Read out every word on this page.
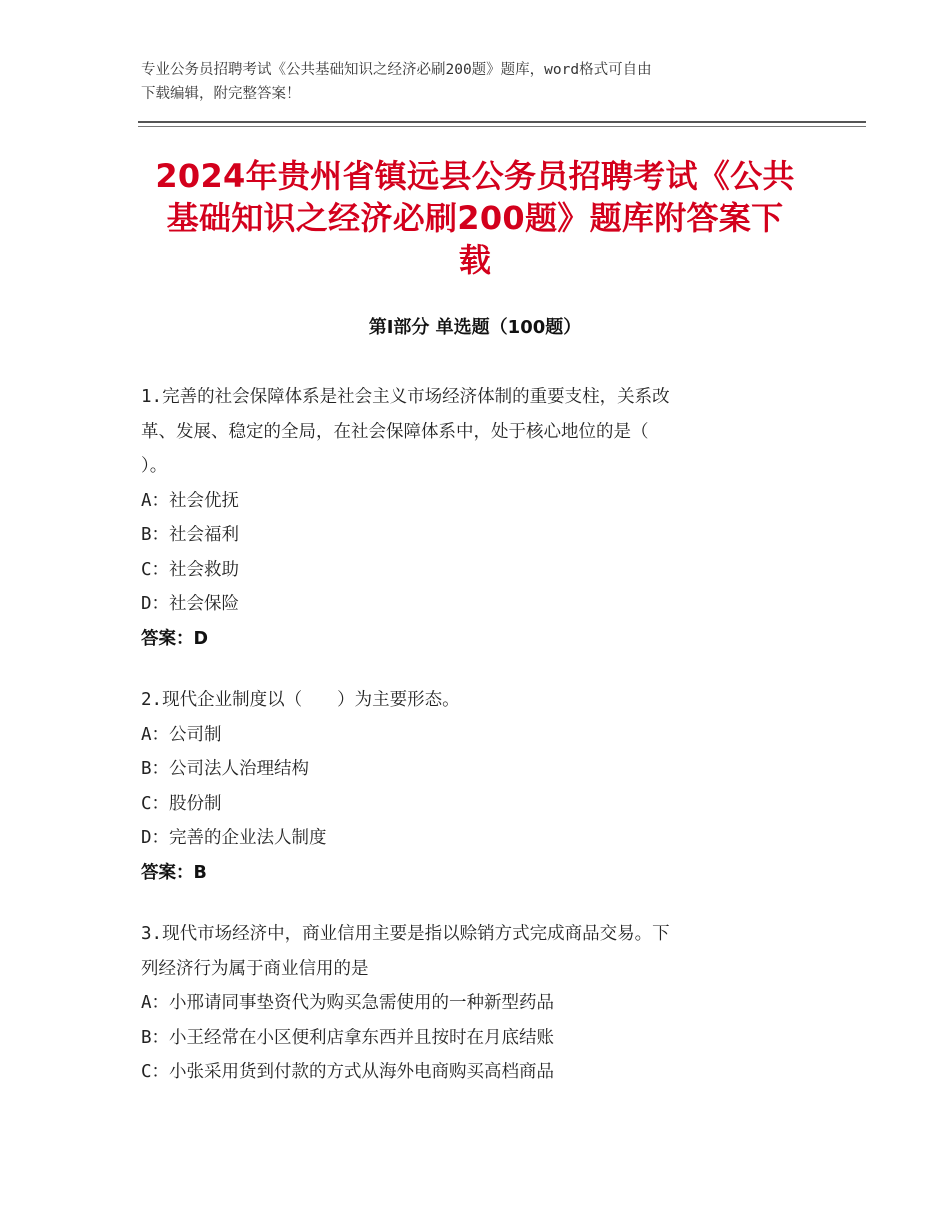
专业公务员招聘考试《公共基础知识之经济必刷200题》题库，word格式可自由
下载编辑，附完整答案！
2024年贵州省镇远县公务员招聘考试《公共
基础知识之经济必刷200题》题库附答案下
载
第Ⅰ部分 单选题（100题）
1.完善的社会保障体系是社会主义市场经济体制的重要支柱，关系改
革、发展、稳定的全局，在社会保障体系中，处于核心地位的是（
）。
A：社会优抚
B：社会福利
C：社会救助
D：社会保险
答案：D
2.现代企业制度以（　　）为主要形态。
A：公司制
B：公司法人治理结构
C：股份制
D：完善的企业法人制度
答案：B
3.现代市场经济中，商业信用主要是指以赊销方式完成商品交易。下
列经济行为属于商业信用的是
A：小邢请同事垫资代为购买急需使用的一种新型药品
B：小王经常在小区便利店拿东西并且按时在月底结账
C：小张采用货到付款的方式从海外电商购买高档商品
